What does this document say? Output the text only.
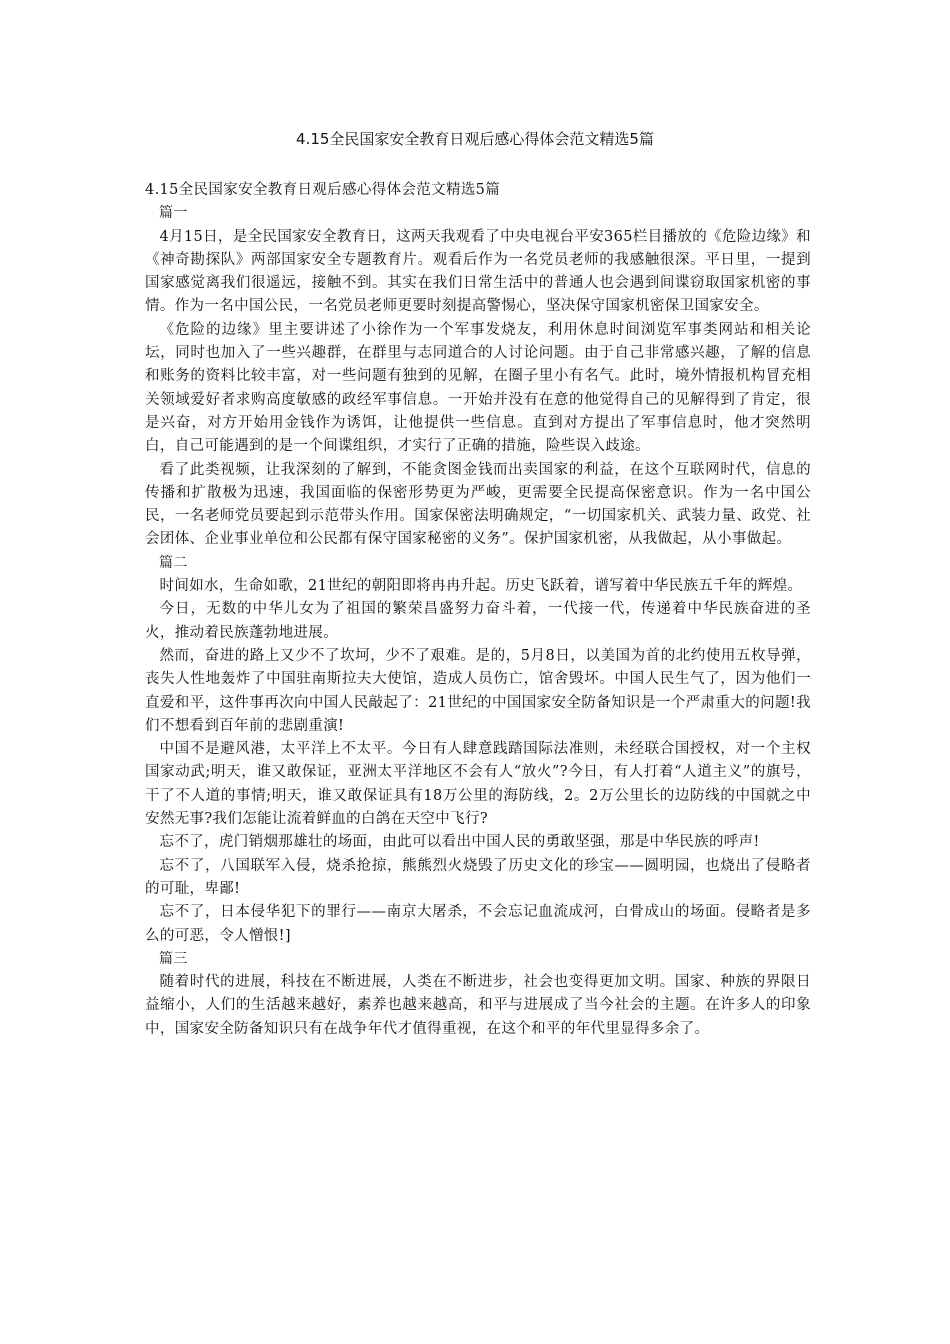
4.15全民国家安全教育日观后感心得体会范文精选5篇

4.15全民国家安全教育日观后感心得体会范文精选5篇

篇一

4月15日，是全民国家安全教育日，这两天我观看了中央电视台平安365栏目播放的《危险边缘》和《神奇勘探队》两部国家安全专题教育片。观看后作为一名党员老师的我感触很深。平日里，一提到国家感觉离我们很遥远，接触不到。其实在我们日常生活中的普通人也会遇到间谍窃取国家机密的事情。作为一名中国公民，一名党员老师更要时刻提高警惕心，坚决保守国家机密保卫国家安全。

《危险的边缘》里主要讲述了小徐作为一个军事发烧友，利用休息时间浏览军事类网站和相关论坛，同时也加入了一些兴趣群，在群里与志同道合的人讨论问题。由于自己非常感兴趣，了解的信息和账务的资料比较丰富，对一些问题有独到的见解，在圈子里小有名气。此时，境外情报机构冒充相关领域爱好者求购高度敏感的政经军事信息。一开始并没有在意的他觉得自己的见解得到了肯定，很是兴奋，对方开始用金钱作为诱饵，让他提供一些信息。直到对方提出了军事信息时，他才突然明白，自己可能遇到的是一个间谍组织，才实行了正确的措施，险些误入歧途。

看了此类视频，让我深刻的了解到，不能贪图金钱而出卖国家的利益，在这个互联网时代，信息的传播和扩散极为迅速，我国面临的保密形势更为严峻，更需要全民提高保密意识。作为一名中国公民，一名老师党员要起到示范带头作用。国家保密法明确规定，“一切国家机关、武装力量、政党、社会团体、企业事业单位和公民都有保守国家秘密的义务”。保护国家机密，从我做起，从小事做起。

篇二

时间如水，生命如歌，21世纪的朝阳即将冉冉升起。历史飞跃着，谱写着中华民族五千年的辉煌。

今日，无数的中华儿女为了祖国的繁荣昌盛努力奋斗着，一代接一代，传递着中华民族奋进的圣火，推动着民族蓬勃地进展。

然而，奋进的路上又少不了坎坷，少不了艰难。是的，5月8日，以美国为首的北约使用五枚导弹，丧失人性地轰炸了中国驻南斯拉夫大使馆，造成人员伤亡，馆舍毁坏。中国人民生气了，因为他们一直爱和平，这件事再次向中国人民敲起了：21世纪的中国国家安全防备知识是一个严肃重大的问题!我们不想看到百年前的悲剧重演!

中国不是避风港，太平洋上不太平。今日有人肆意践踏国际法准则，未经联合国授权，对一个主权国家动武;明天，谁又敢保证，亚洲太平洋地区不会有人“放火”?今日，有人打着“人道主义”的旗号，干了不人道的事情;明天，谁又敢保证具有18万公里的海防线，2。2万公里长的边防线的中国就之中安然无事?我们怎能让流着鲜血的白鸽在天空中飞行?

忘不了，虎门销烟那雄壮的场面，由此可以看出中国人民的勇敢坚强，那是中华民族的呼声!

忘不了，八国联军入侵，烧杀抢掠，熊熊烈火烧毁了历史文化的珍宝——圆明园，也烧出了侵略者的可耻，卑鄙!

忘不了，日本侵华犯下的罪行——南京大屠杀，不会忘记血流成河，白骨成山的场面。侵略者是多么的可恶，令人憎恨!]

篇三

随着时代的进展，科技在不断进展，人类在不断进步，社会也变得更加文明。国家、种族的界限日益缩小，人们的生活越来越好，素养也越来越高，和平与进展成了当今社会的主题。在许多人的印象中，国家安全防备知识只有在战争年代才值得重视，在这个和平的年代里显得多余了。
